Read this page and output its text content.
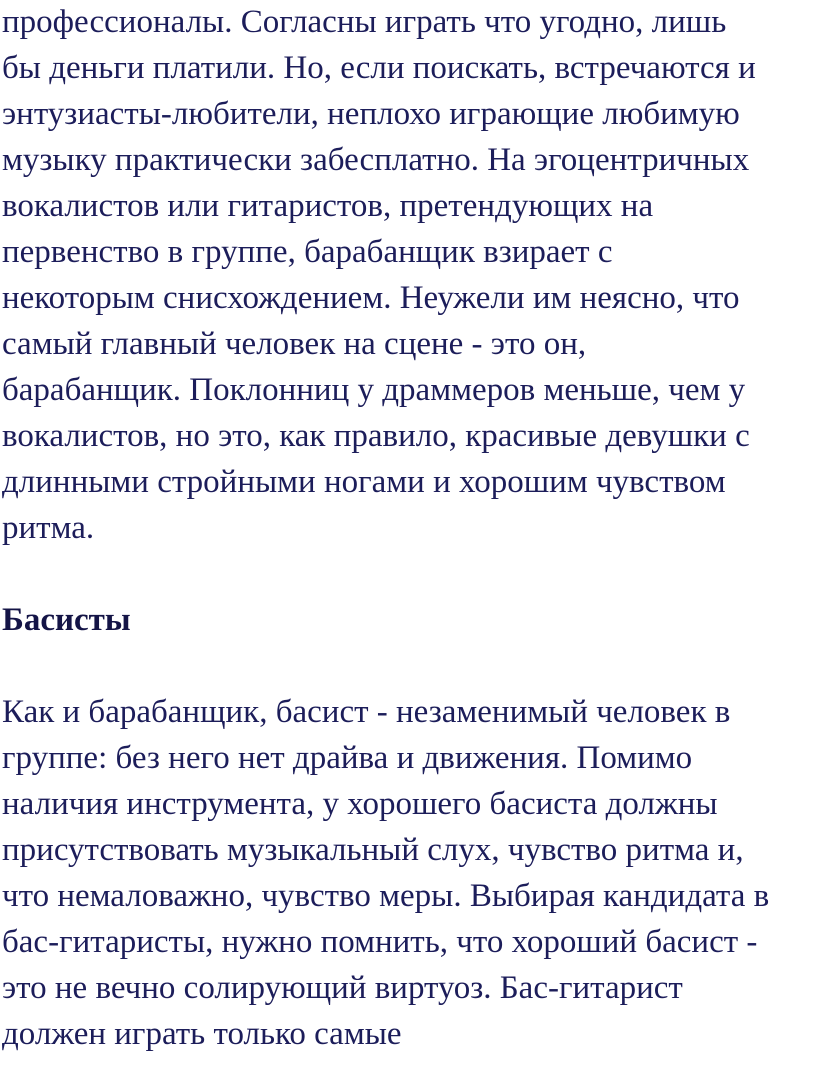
профессионалы. Согласны играть что угодно, лишь

бы деньги платили. Но, если поискать, встречаются и

энтузиасты-любители, неплохо играющие любимую

музыку практически забесплатно. На эгоцентричных

вокалистов или гитаристов, претендующих на

первенство в группе, барабанщик взирает с

некоторым снисхождением. Неужели им неясно, что

самый главный человек на сцене - это он,

барабанщик. Поклонниц у драммеров меньше, чем у

вокалистов, но это, как правило, красивые девушки с

длинными стройными ногами и хорошим чувством

ритма.

Басисты

Как и барабанщик, басист - незаменимый человек в

группе: без него нет драйва и движения. Помимо

наличия инструмента, у хорошего басиста должны

присутствовать музыкальный слух, чувство ритма и,

что немаловажно, чувство меры. Выбирая кандидата в

бас-гитаристы, нужно помнить, что хороший басист -

это не вечно солирующий виртуоз. Бас-гитарист

должен играть только самые
